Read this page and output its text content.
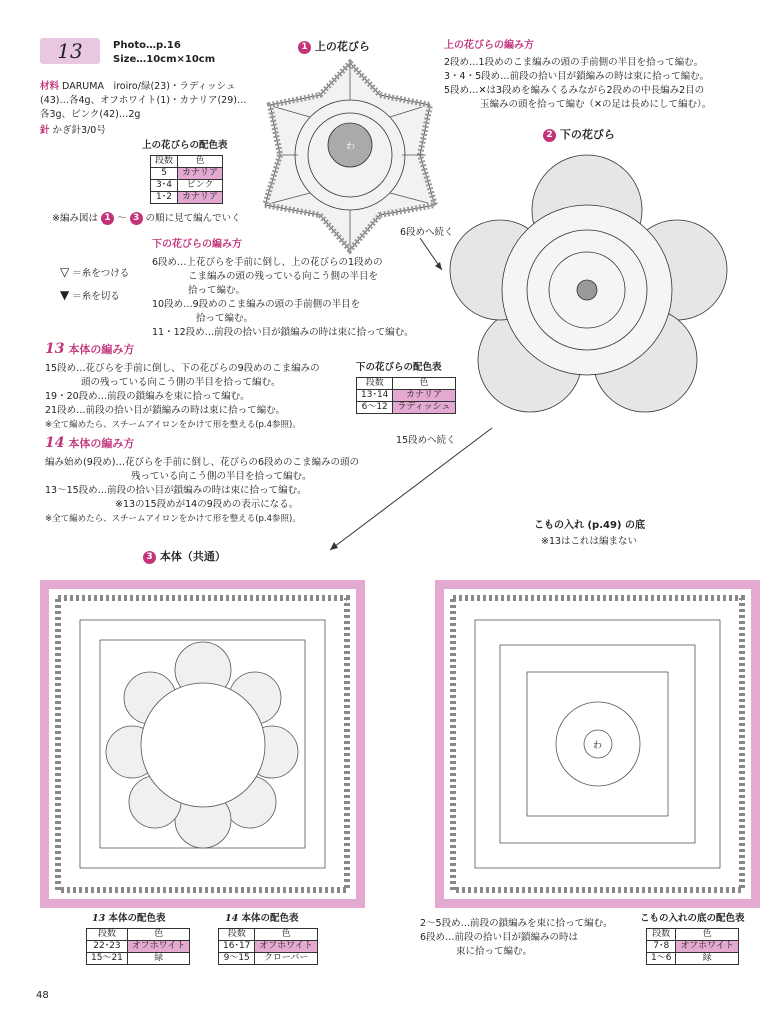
13	Photo…p.16
Size…10cm×10cm
材料 DARUMA　iroiro/緑(23)・ラディッシュ(43)…各4g、オフホワイト(1)・カナリア(29)…各3g、ピンク(42)…2g
針 かぎ針3/0号
上の花びらの配色表
段数	色
5	カナリア
3･4	ピンク
1･2	カナリア
※編み図は 1 ～ 3 の順に見て編んでいく
▽ ＝糸をつける
▼ ＝糸を切る
上の花びらの編み方

2段め…1段めのこま編みの頭の手前側の半目を拾って編む。

3・4・5段め…前段の拾い目が鎖編みの時は束に拾って編む。

5段め…✕は3段めを編みくるみながら2段めの中長編み2目の

玉編みの頭を拾って編む（✕の足は長めにして編む）。

下の花びらの編み方

6段め…上花びらを手前に倒し、上の花びらの1段めの

こま編みの頭の残っている向こう側の半目を

拾って編む。

10段め…9段めのこま編みの頭の手前側の半目を

拾って編む。

11・12段め…前段の拾い目が鎖編みの時は束に拾って編む。

13 本体の編み方

15段め…花びらを手前に倒し、下の花びらの9段めのこま編みの

頭の残っている向こう側の半目を拾って編む。

19・20段め…前段の鎖編みを束に拾って編む。

21段め…前段の拾い目が鎖編みの時は束に拾って編む。

※全て編めたら、スチームアイロンをかけて形を整える(p.4参照)。

下の花びらの配色表
段数	色
13･14	カナリア
6～12	ラディッシュ
14 本体の編み方

編み始め(9段め)…花びらを手前に倒し、花びらの6段めのこま編みの頭の

残っている向こう側の半目を拾って編む。

13～15段め…前段の拾い目が鎖編みの時は束に拾って編む。

※13の15段めが14の9段めの表示になる。

※全て編めたら、スチームアイロンをかけて形を整える(p.4参照)。

1 上の花びら
わ
2 下の花びら
6段めへ続く
15段めへ続く
3 本体（共通）
こもの入れ (p.49) の底
※13はこれは編まない
わ
13 本体の配色表
段数	色
22･23	オフホワイト
15～21	緑
14 本体の配色表
段数	色
16･17	オフホワイト
9～15	クローバー

2～5段め…前段の鎖編みを束に拾って編む。

6段め…前段の拾い目が鎖編みの時は

束に拾って編む。

こもの入れの底の配色表
段数	色
7･8	オフホワイト
1～6	緑
48
